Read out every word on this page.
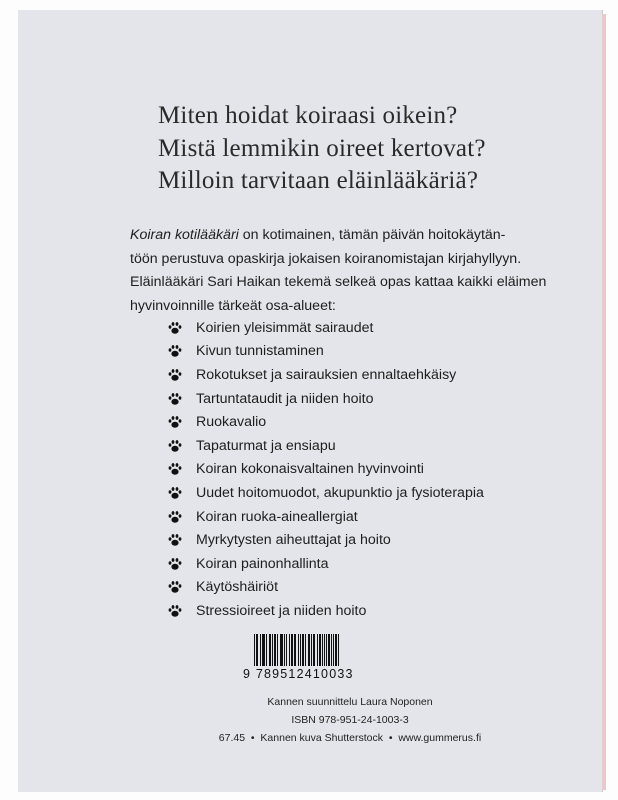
Miten hoidat koiraasi oikein?
Mistä lemmikin oireet kertovat?
Milloin tarvitaan eläinlääkäriä?
Koiran kotilääkäri on kotimainen, tämän päivän hoitokäytän-
töön perustuva opaskirja jokaisen koiranomistajan kirjahyllyyn.
Eläinlääkäri Sari Haikan tekemä selkeä opas kattaa kaikki eläimen
hyvinvoinnille tärkeät osa-alueet:
Koirien yleisimmät sairaudet
Kivun tunnistaminen
Rokotukset ja sairauksien ennaltaehkäisy
Tartuntataudit ja niiden hoito
Ruokavalio
Tapaturmat ja ensiapu
Koiran kokonaisvaltainen hyvinvointi
Uudet hoitomuodot, akupunktio ja fysioterapia
Koiran ruoka-aineallergiat
Myrkytysten aiheuttajat ja hoito
Koiran painonhallinta
Käytöshäiriöt
Stressioireet ja niiden hoito
9 789512410033
Kannen suunnittelu Laura Noponen
ISBN 978-951-24-1003-3
67.45  •  Kannen kuva Shutterstock  •  www.gummerus.fi
